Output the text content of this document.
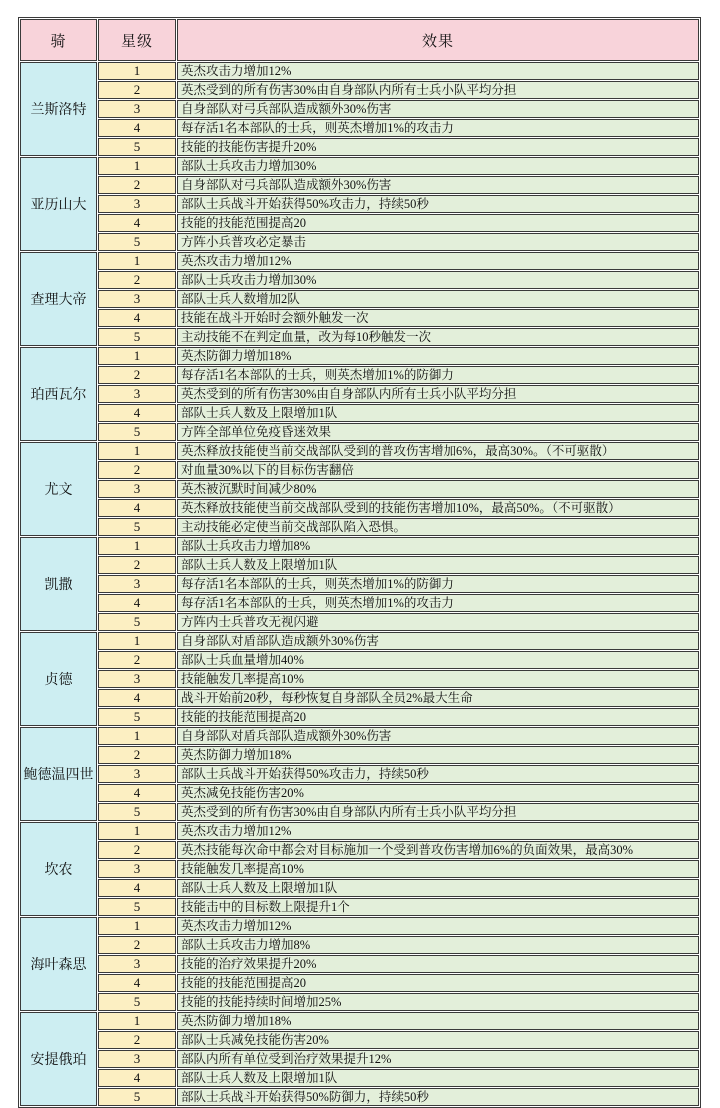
骑	星级	效果
兰斯洛特	1	英杰攻击力增加12%
	2	英杰受到的所有伤害30%由自身部队内所有士兵小队平均分担
	3	自身部队对弓兵部队造成额外30%伤害
	4	每存活1名本部队的士兵，则英杰增加1%的攻击力
	5	技能的技能伤害提升20%
亚历山大	1	部队士兵攻击力增加30%
	2	自身部队对弓兵部队造成额外30%伤害
	3	部队士兵战斗开始获得50%攻击力，持续50秒
	4	技能的技能范围提高20
	5	方阵小兵普攻必定暴击
查理大帝	1	英杰攻击力增加12%
	2	部队士兵攻击力增加30%
	3	部队士兵人数增加2队
	4	技能在战斗开始时会额外触发一次
	5	主动技能不在判定血量，改为每10秒触发一次
珀西瓦尔	1	英杰防御力增加18%
	2	每存活1名本部队的士兵，则英杰增加1%的防御力
	3	英杰受到的所有伤害30%由自身部队内所有士兵小队平均分担
	4	部队士兵人数及上限增加1队
	5	方阵全部单位免疫昏迷效果
尤文	1	英杰释放技能使当前交战部队受到的普攻伤害增加6%，最高30%。（不可驱散）
	2	对血量30%以下的目标伤害翻倍
	3	英杰被沉默时间减少80%
	4	英杰释放技能使当前交战部队受到的技能伤害增加10%，最高50%。（不可驱散）
	5	主动技能必定使当前交战部队陷入恐惧。
凯撒	1	部队士兵攻击力增加8%
	2	部队士兵人数及上限增加1队
	3	每存活1名本部队的士兵，则英杰增加1%的防御力
	4	每存活1名本部队的士兵，则英杰增加1%的攻击力
	5	方阵内士兵普攻无视闪避
贞德	1	自身部队对盾部队造成额外30%伤害
	2	部队士兵血量增加40%
	3	技能触发几率提高10%
	4	战斗开始前20秒，每秒恢复自身部队全员2%最大生命
	5	技能的技能范围提高20
鲍德温四世	1	自身部队对盾兵部队造成额外30%伤害
	2	英杰防御力增加18%
	3	部队士兵战斗开始获得50%攻击力，持续50秒
	4	英杰减免技能伤害20%
	5	英杰受到的所有伤害30%由自身部队内所有士兵小队平均分担
坎农	1	英杰攻击力增加12%
	2	英杰技能每次命中都会对目标施加一个受到普攻伤害增加6%的负面效果，最高30%
	3	技能触发几率提高10%
	4	部队士兵人数及上限增加1队
	5	技能击中的目标数上限提升1个
海叶森思	1	英杰攻击力增加12%
	2	部队士兵攻击力增加8%
	3	技能的治疗效果提升20%
	4	技能的技能范围提高20
	5	技能的技能持续时间增加25%
安提俄珀	1	英杰防御力增加18%
	2	部队士兵减免技能伤害20%
	3	部队内所有单位受到治疗效果提升12%
	4	部队士兵人数及上限增加1队
	5	部队士兵战斗开始获得50%防御力，持续50秒
